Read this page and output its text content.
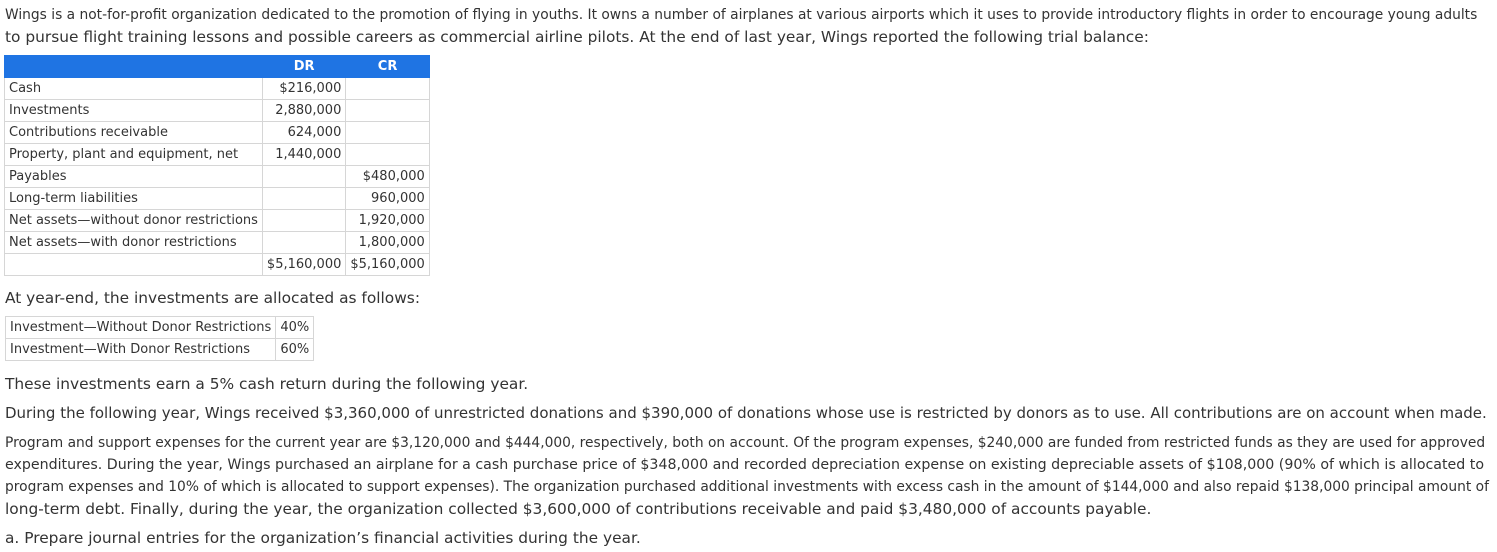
Wings is a not-for-profit organization dedicated to the promotion of flying in youths. It owns a number of airplanes at various airports which it uses to provide introductory flights in order to encourage young adults

to pursue flight training lessons and possible careers as commercial airline pilots. At the end of last year, Wings reported the following trial balance:

	DR	CR
Cash	$216,000	
Investments	2,880,000	
Contributions receivable	624,000	
Property, plant and equipment, net	1,440,000	
Payables		$480,000
Long-term liabilities		960,000
Net assets—without donor restrictions		1,920,000
Net assets—with donor restrictions		1,800,000
	$5,160,000	$5,160,000

At year-end, the investments are allocated as follows:

Investment—Without Donor Restrictions	40%
Investment—With Donor Restrictions	60%

These investments earn a 5% cash return during the following year.

During the following year, Wings received $3,360,000 of unrestricted donations and $390,000 of donations whose use is restricted by donors as to use. All contributions are on account when made.

Program and support expenses for the current year are $3,120,000 and $444,000, respectively, both on account. Of the program expenses, $240,000 are funded from restricted funds as they are used for approved

expenditures. During the year, Wings purchased an airplane for a cash purchase price of $348,000 and recorded depreciation expense on existing depreciable assets of $108,000 (90% of which is allocated to

program expenses and 10% of which is allocated to support expenses). The organization purchased additional investments with excess cash in the amount of $144,000 and also repaid $138,000 principal amount of

long-term debt. Finally, during the year, the organization collected $3,600,000 of contributions receivable and paid $3,480,000 of accounts payable.

a. Prepare journal entries for the organization’s financial activities during the year.
